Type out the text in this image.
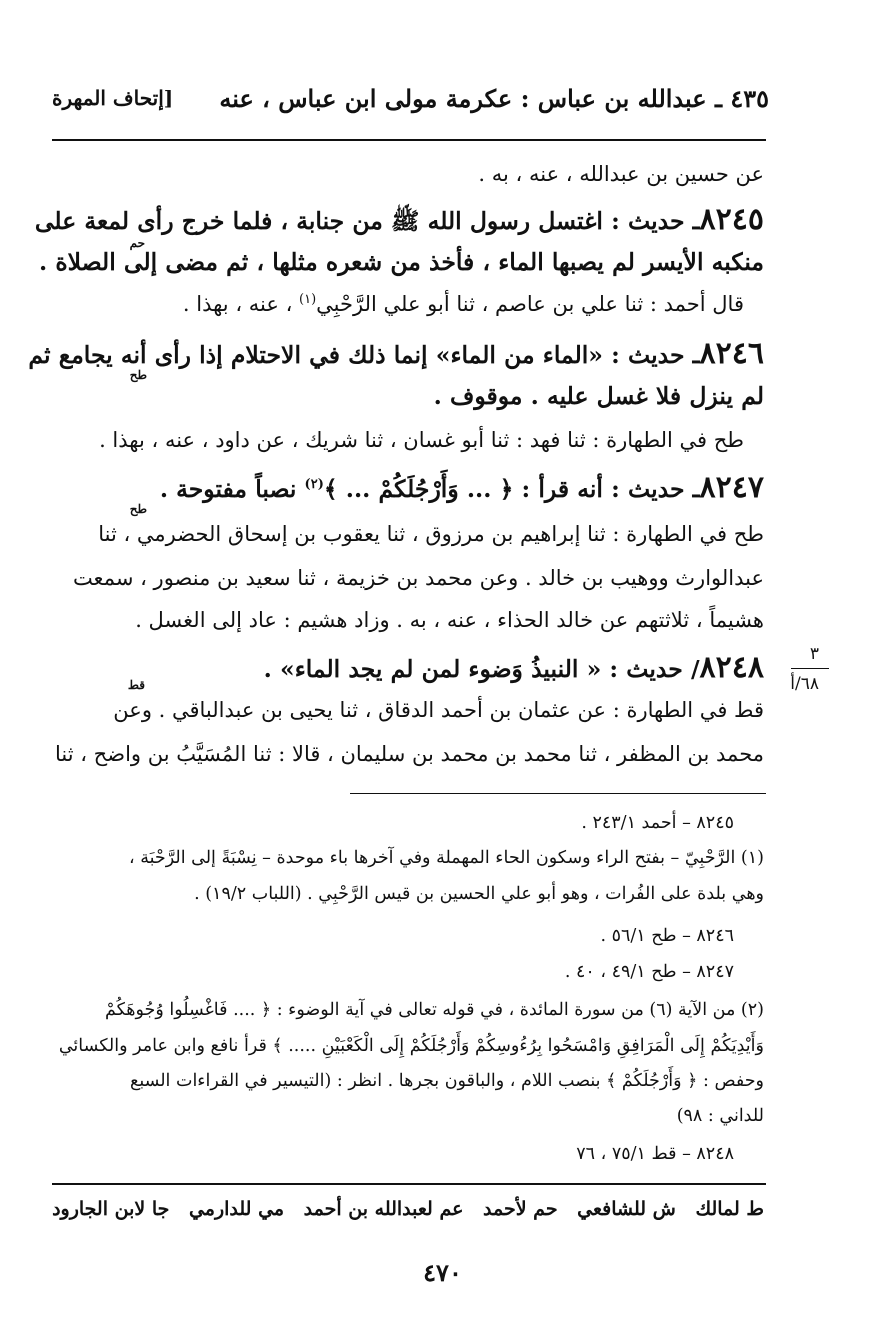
٤٣٥ ـ عبدالله بن عباس : عكرمة مولى ابن عباس ، عنه
[إتحاف المهرة
عن حسين بن عبدالله ، عنه ، به .
٨٢٤٥ـ حديث : اغتسل رسول الله ﷺ من جنابة ، فلما خرج رأى لمعة على
حم
منكبه الأيسر لم يصبها الماء ، فأخذ من شعره مثلها ، ثم مضى إلى الصلاة .
قال أحمد : ثنا علي بن عاصم ، ثنا أبو علي الرَّحْبِي$^{(١)}$ ، عنه ، بهذا .
٨٢٤٦ـ حديث : «الماء من الماء» إنما ذلك في الاحتلام إذا رأى أنه يجامع ثم
طح
لم ينزل فلا غسل عليه . موقوف .
طح في الطهارة : ثنا فهد : ثنا أبو غسان ، ثنا شريك ، عن داود ، عنه ، بهذا .
٨٢٤٧ـ حديث : أنه قرأ : ﴿ ... وَأَرْجُلَكُمْ ... ﴾$^{(٢)}$ نصباً مفتوحة .
طح
طح في الطهارة : ثنا إبراهيم بن مرزوق ، ثنا يعقوب بن إسحاق الحضرمي ، ثنا
عبدالوارث ووهيب بن خالد . وعن محمد بن خزيمة ، ثنا سعيد بن منصور ، سمعت
هشيماً ، ثلاثتهم عن خالد الحذاء ، عنه ، به . وزاد هشيم : عاد إلى الغسل .
٨٢٤٨/ حديث : « النبيذُ وَضوء لمن لم يجد الماء» .
قط
قط في الطهارة : عن عثمان بن أحمد الدقاق ، ثنا يحيى بن عبدالباقي . وعن
محمد بن المظفر ، ثنا محمد بن محمد بن سليمان ، قالا : ثنا المُسَيَّبُ بن واضح ، ثنا
٣
٦٨/أ
٨٢٤٥ – أحمد ٢٤٣/١ .
(١) الرَّحْبِيّ – بفتح الراء وسكون الحاء المهملة وفي آخرها باء موحدة – نِسْبَةً إلى الرَّحْبَة ،
وهي بلدة على الفُرات ، وهو أبو علي الحسين بن قيس الرَّحْبِي . (اللباب ١٩/٢) .
٨٢٤٦ – طح ٥٦/١ .
٨٢٤٧ – طح ٤٩/١ ، ٤٠ .
(٢) من الآية (٦) من سورة المائدة ، في قوله تعالى في آية الوضوء : ﴿ .... فَاغْسِلُوا وُجُوهَكُمْ
وَأَيْدِيَكُمْ إِلَى الْمَرَافِقِ وَامْسَحُوا بِرُءُوسِكُمْ وَأَرْجُلَكُمْ إِلَى الْكَعْبَيْنِ ..... ﴾ قرأ نافع وابن عامر والكسائي
وحفص : ﴿ وَأَرْجُلَكُمْ ﴾ بنصب اللام ، والباقون بجرها . انظر : (التيسير في القراءات السبع
للداني : ٩٨)
٨٢٤٨ – قط ٧٥/١ ، ٧٦
ط لمالك
ش للشافعي
حم لأحمد
عم لعبدالله بن أحمد
مي للدارمي
جا لابن الجارود
٤٧٠
